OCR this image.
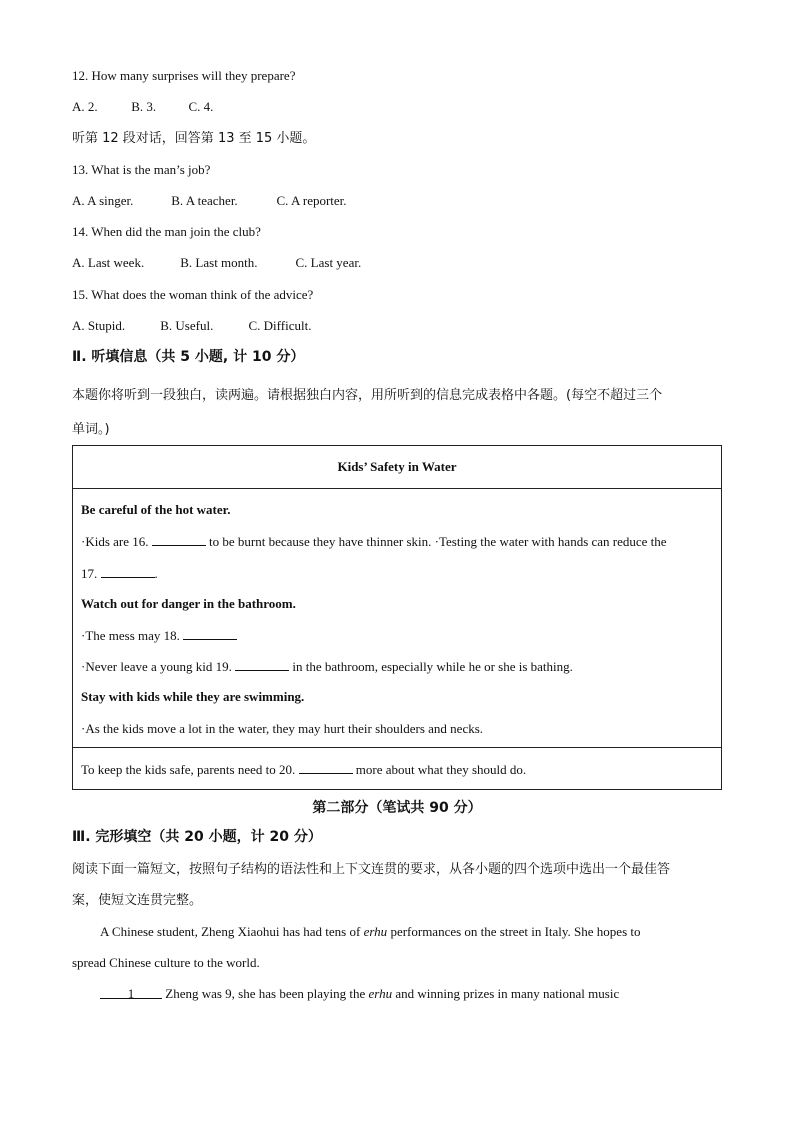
12. How many surprises will they prepare?
A. 2.	B. 3. C. 4.
听第 12 段对话，回答第 13 至 15 小题。
13. What is the man’s job?
A. A singer.	B. A teacher.	C. A reporter.
14. When did the man join the club?
A. Last week.	B. Last month.	C. Last year.
15. What does the woman think of the advice?
A. Stupid.	B. Useful.	C. Difficult.
Ⅱ. 听填信息（共 5 小题, 计 10 分）
本题你将听到一段独白，读两遍。请根据独白内容，用所听到的信息完成表格中各题。(每空不超过三个
单词。)
Kids’ Safety in Water

Be careful of the hot water.
·Kids are 16.	to be burnt because they have thinner skin. ·Testing the water with hands can reduce the
17.	.
Watch out for danger in the bathroom.
·The mess may 18.
·Never leave a young kid 19.	in the bathroom, especially while he or she is bathing.
Stay with kids while they are swimming.
·As the kids move a lot in the water, they may hurt their shoulders and necks.

To keep the kids safe, parents need to 20.	more about what they should do.
第二部分（笔试共 90 分）
Ⅲ. 完形填空（共 20 小题，计 20 分）
阅读下面一篇短文，按照句子结构的语法性和上下文连贯的要求，从各小题的四个选项中选出一个最佳答
案，使短文连贯完整。
A Chinese student, Zheng Xiaohui has had tens of erhu performances on the street in Italy. She hopes to
spread Chinese culture to the world.
1 Zheng was 9, she has been playing the erhu and winning prizes in many national music
